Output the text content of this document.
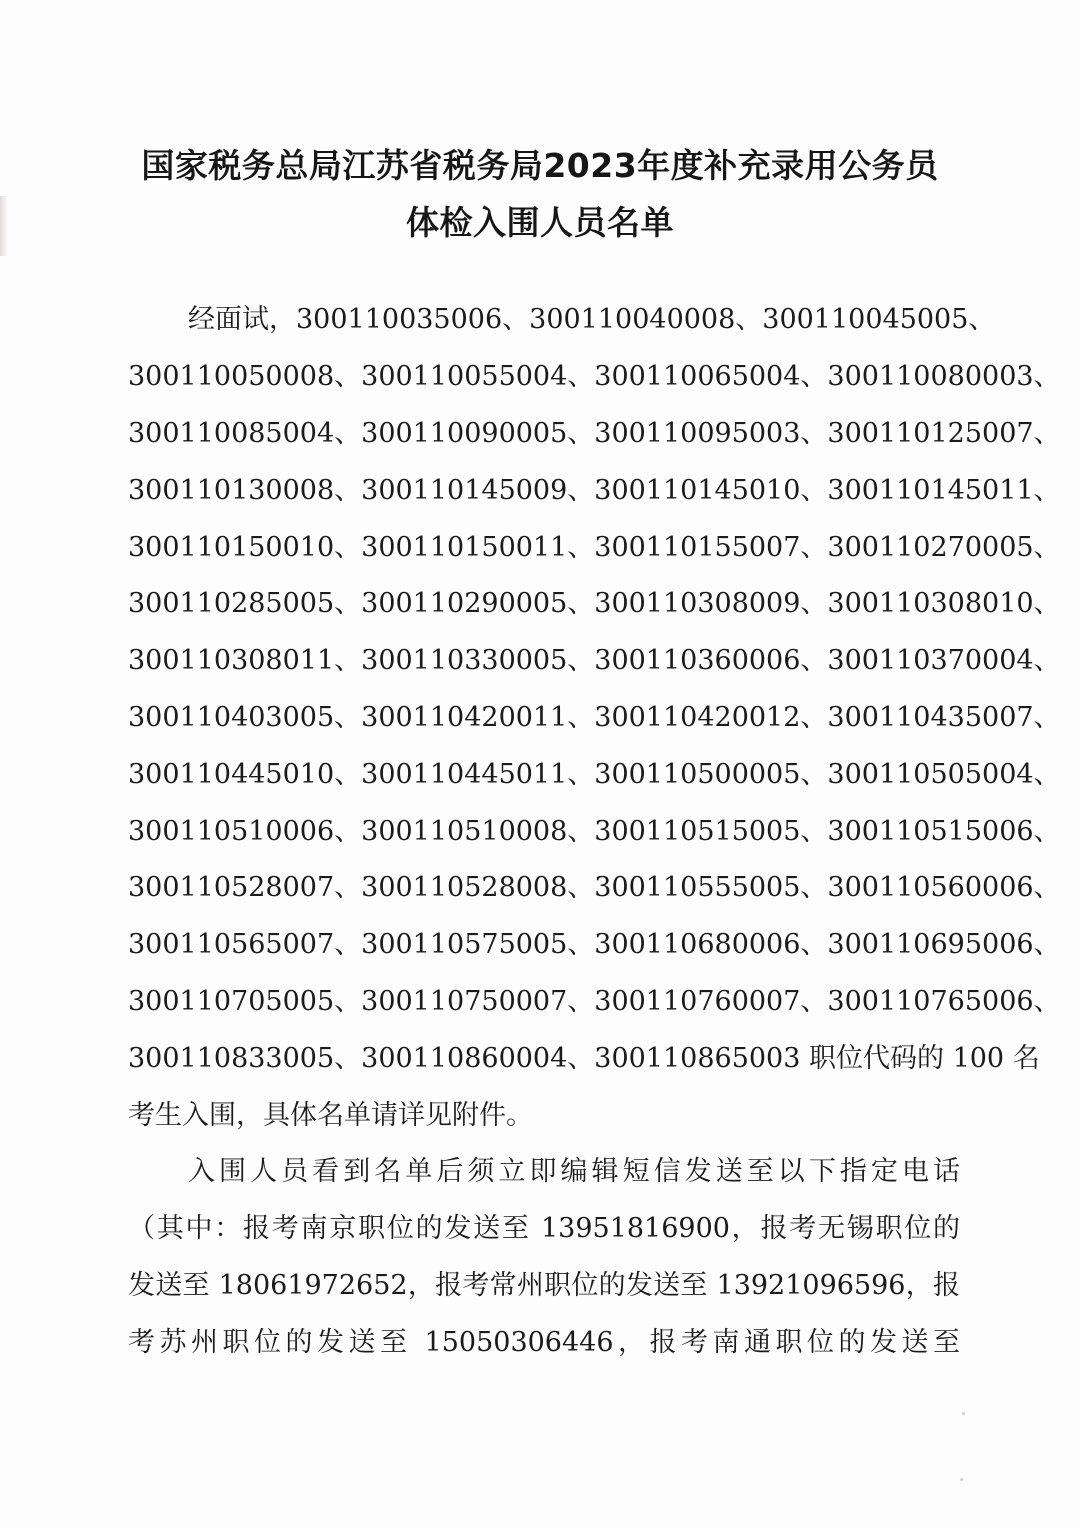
国家税务总局江苏省税务局2023年度补充录用公务员
体检入围人员名单
经面试，300110035006、300110040008、300110045005、
300110050008、300110055004、300110065004、300110080003、
300110085004、300110090005、300110095003、300110125007、
300110130008、300110145009、300110145010、300110145011、
300110150010、300110150011、300110155007、300110270005、
300110285005、300110290005、300110308009、300110308010、
300110308011、300110330005、300110360006、300110370004、
300110403005、300110420011、300110420012、300110435007、
300110445010、300110445011、300110500005、300110505004、
300110510006、300110510008、300110515005、300110515006、
300110528007、300110528008、300110555005、300110560006、
300110565007、300110575005、300110680006、300110695006、
300110705005、300110750007、300110760007、300110765006、
300110833005、300110860004、300110865003 职位代码的 100 名
考生入围，具体名单请详见附件。
入围人员看到名单后须立即编辑短信发送至以下指定电话
（其中：报考南京职位的发送至 13951816900，报考无锡职位的
发送至 18061972652，报考常州职位的发送至 13921096596，报
考苏州职位的发送至 15050306446，报考南通职位的发送至
